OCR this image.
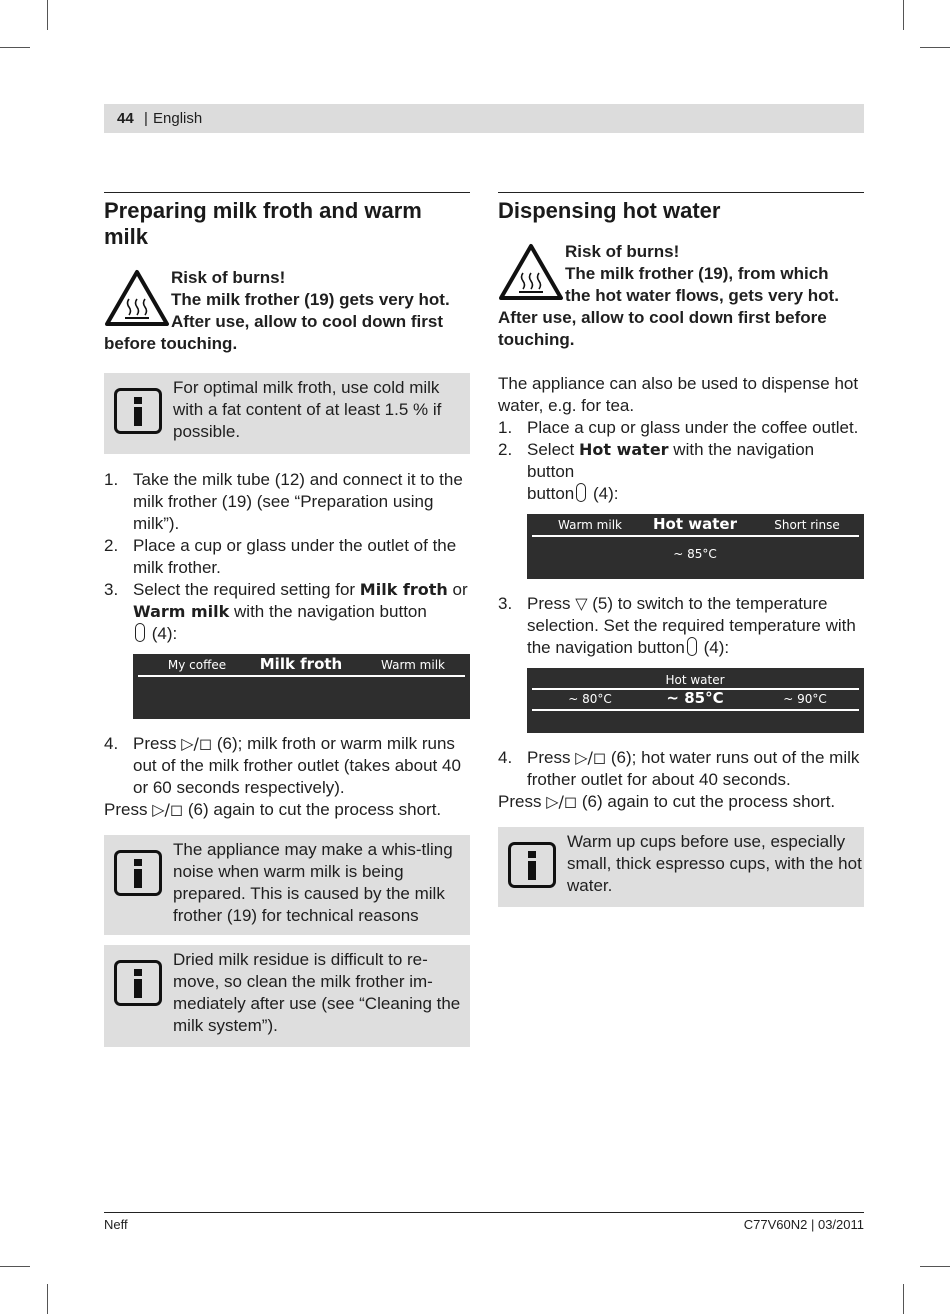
44 | English
Preparing milk froth and warm milk

Risk of burns!

The milk frother (19) gets very hot.

After use, allow to cool down first

before touching.

For optimal milk froth, use cold milk with a fat content of at least 1.5 % if possible.

1. Take the milk tube (12) and connect it to the milk frother (19) (see “Preparation using milk”).

2. Place a cup or glass under the outlet of the milk frother.

3. Select the required setting for Milk froth or Warm milk with the navigation button
(4):

My coffee	Milk froth	Warm milk

4. Press ▷/◻ (6); milk froth or warm milk runs out of the milk frother outlet (takes about 40 or 60 seconds respectively).

Press ▷/◻ (6) again to cut the process short.

The appliance may make a whis-tling noise when warm milk is being prepared. This is caused by the milk frother (19) for technical reasons

Dried milk residue is difficult to re-move, so clean the milk frother im-mediately after use (see “Cleaning the milk system”).

Dispensing hot water

Risk of burns!

The milk frother (19), from which

the hot water flows, gets very hot.

After use, allow to cool down first before touching.

The appliance can also be used to dispense hot water, e.g. for tea.

1. Place a cup or glass under the coffee outlet.

2. Select Hot water with the navigation button
button (4):

Warm milk	Hot water	Short rinse
~ 85°C

3. Press ▽ (5) to switch to the temperature selection. Set the required temperature with the navigation button (4):

Hot water
~ 80°C	~ 85°C	~ 90°C

4. Press ▷/◻ (6); hot water runs out of the milk frother outlet for about 40 seconds.

Press ▷/◻ (6) again to cut the process short.

Warm up cups before use, especially small, thick espresso cups, with the hot water.

Neff	C77V60N2 | 03/2011
